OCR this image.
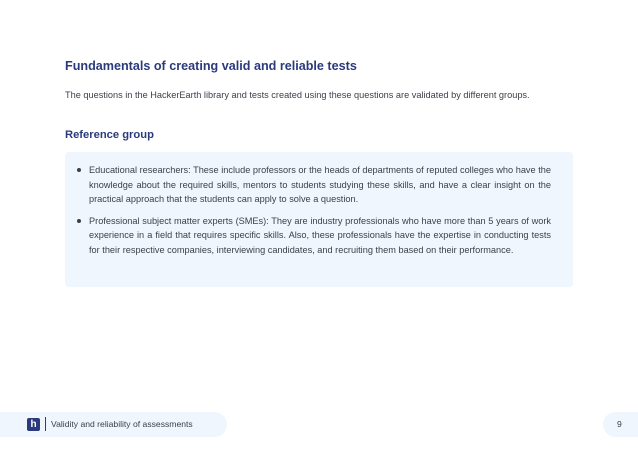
Fundamentals of creating valid and reliable tests

The questions in the HackerEarth library and tests created using these questions are validated by different groups.

Reference group
Educational researchers: These include professors or the heads of departments of reputed colleges who have the knowledge about the required skills, mentors to students studying these skills, and have a clear insight on the practical approach that the students can apply to solve a question.
Professional subject matter experts (SMEs): They are industry professionals who have more than 5 years of work experience in a field that requires specific skills. Also, these professionals have the expertise in conducting tests for their respective companies, interviewing candidates, and recruiting them based on their performance.
h	Validity and reliability of assessments	9
